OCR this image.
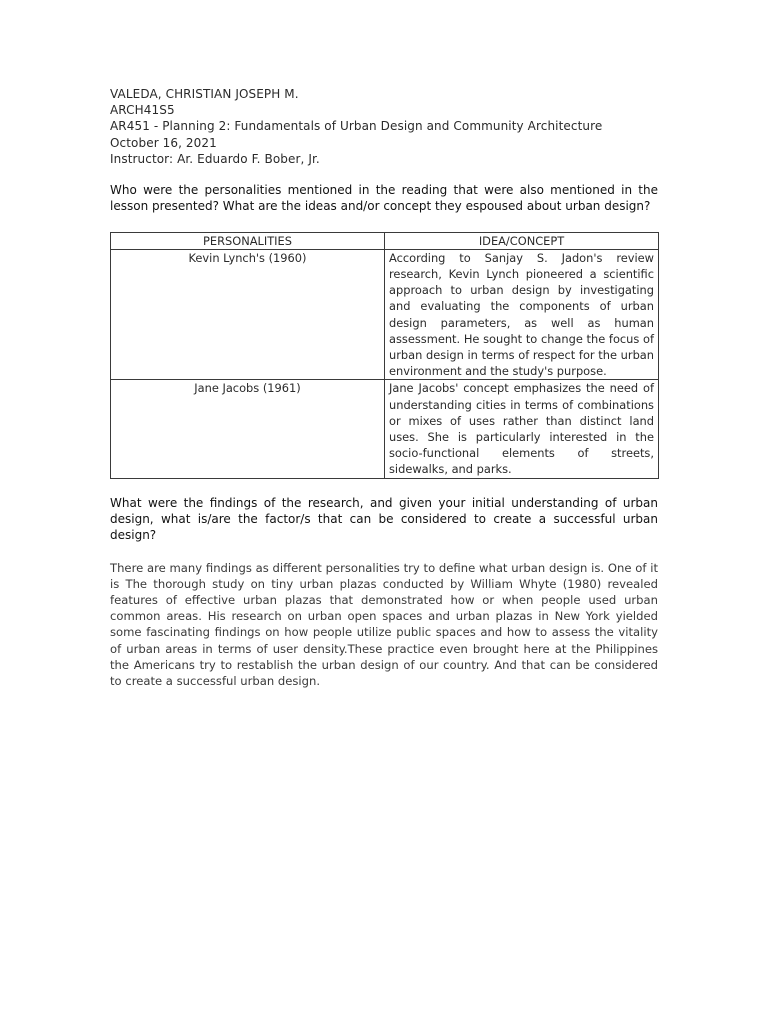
VALEDA, CHRISTIAN JOSEPH M.
ARCH41S5
AR451 - Planning 2: Fundamentals of Urban Design and Community Architecture
October 16, 2021
Instructor: Ar. Eduardo F. Bober, Jr.

Who were the personalities mentioned in the reading that were also mentioned in the lesson presented? What are the ideas and/or concept they espoused about urban design?

PERSONALITIES	IDEA/CONCEPT
Kevin Lynch's (1960)	According to Sanjay S. Jadon's review research, Kevin Lynch pioneered a scientific approach to urban design by investigating and evaluating the components of urban design parameters, as well as human assessment. He sought to change the focus of urban design in terms of respect for the urban environment and the study's purpose.
Jane Jacobs (1961)	Jane Jacobs' concept emphasizes the need of understanding cities in terms of combinations or mixes of uses rather than distinct land uses. She is particularly interested in the socio-functional elements of streets, sidewalks, and parks.

What were the findings of the research, and given your initial understanding of urban design, what is/are the factor/s that can be considered to create a successful urban design?

There are many findings as different personalities try to define what urban design is. One of it is The thorough study on tiny urban plazas conducted by William Whyte (1980) revealed features of effective urban plazas that demonstrated how or when people used urban common areas. His research on urban open spaces and urban plazas in New York yielded some fascinating findings on how people utilize public spaces and how to assess the vitality of urban areas in terms of user density.These practice even brought here at the Philippines the Americans try to restablish the urban design of our country. And that can be considered to create a successful urban design.
